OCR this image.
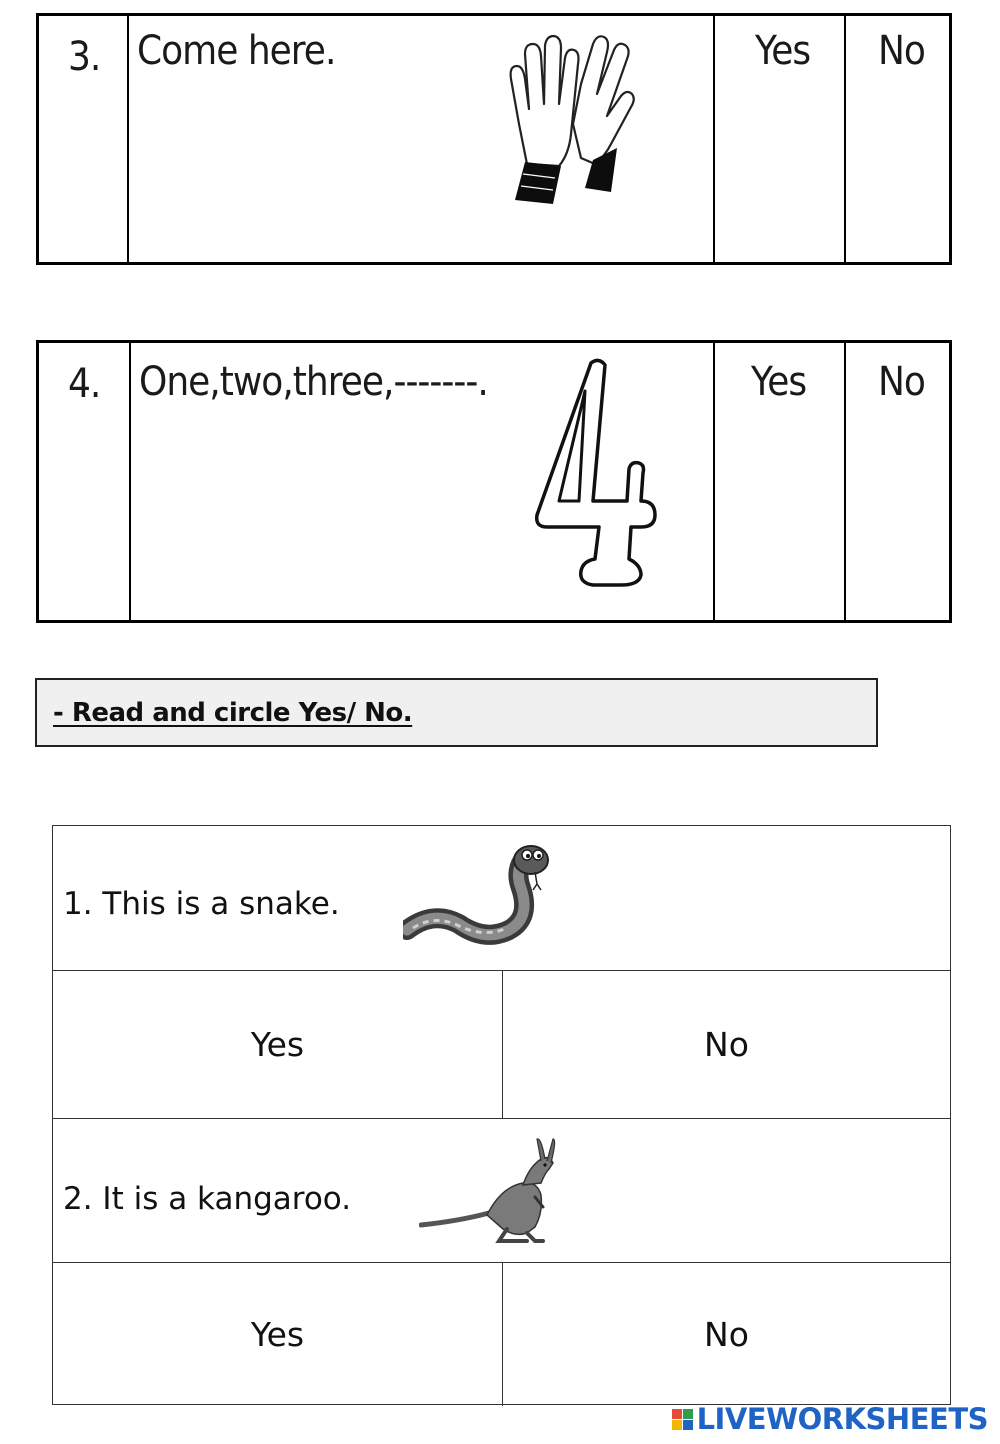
3. Come here.	Yes No
4. One,two,three,-------.	Yes No
- Read and circle Yes/ No.
1. This is a snake.
Yes	No
2. It is a kangaroo.
Yes	No
LIVEWORKSHEETS
